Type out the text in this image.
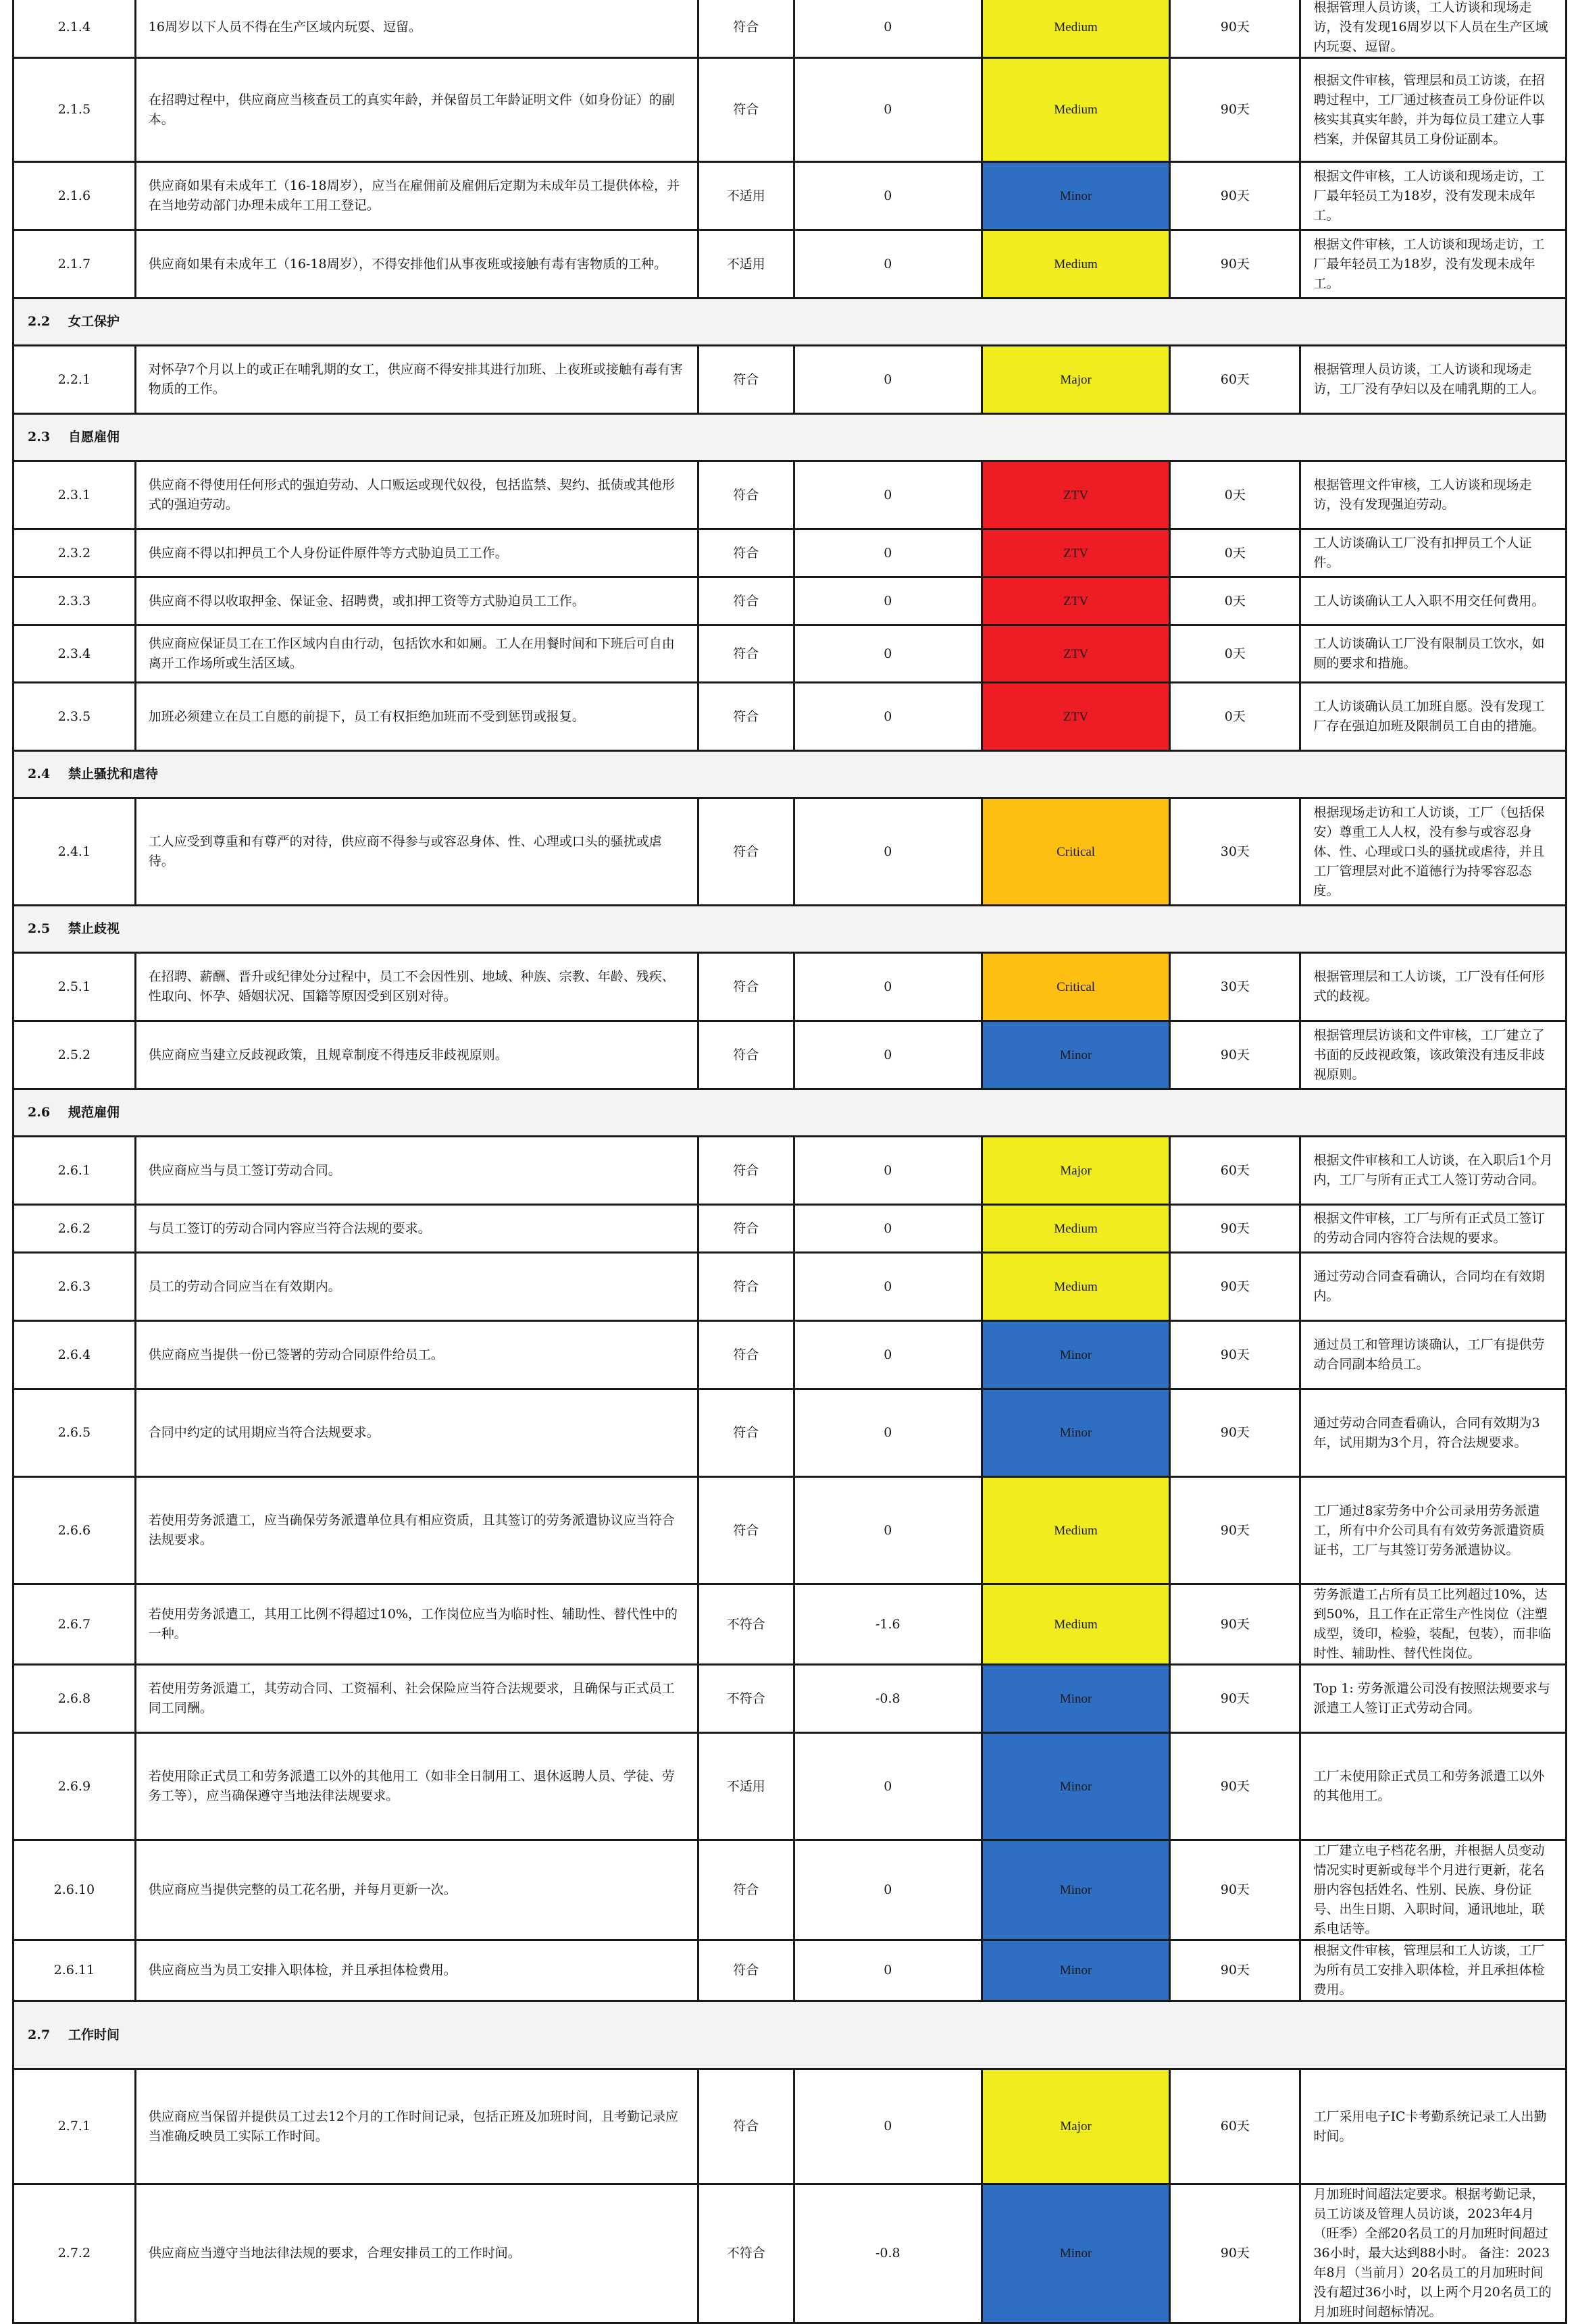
2.1.4	16周岁以下人员不得在生产区域内玩耍、逗留。	符合	0	Medium	90天	根据管理人员访谈，工人访谈和现场走访，没有发现16周岁以下人员在生产区域内玩耍、逗留。
2.1.5	在招聘过程中，供应商应当核查员工的真实年龄，并保留员工年龄证明文件（如身份证）的副本。	符合	0	Medium	90天	根据文件审核，管理层和员工访谈，在招聘过程中，工厂通过核查员工身份证件以核实其真实年龄，并为每位员工建立人事档案，并保留其员工身份证副本。
2.1.6	供应商如果有未成年工（16-18周岁），应当在雇佣前及雇佣后定期为未成年员工提供体检，并在当地劳动部门办理未成年工用工登记。	不适用	0	Minor	90天	根据文件审核，工人访谈和现场走访，工厂最年轻员工为18岁，没有发现未成年工。
2.1.7	供应商如果有未成年工（16-18周岁），不得安排他们从事夜班或接触有毒有害物质的工种。	不适用	0	Medium	90天	根据文件审核，工人访谈和现场走访，工厂最年轻员工为18岁，没有发现未成年工。
2.2 女工保护						
2.2.1	对怀孕7个月以上的或正在哺乳期的女工，供应商不得安排其进行加班、上夜班或接触有毒有害物质的工作。	符合	0	Major	60天	根据管理人员访谈，工人访谈和现场走访，工厂没有孕妇以及在哺乳期的工人。
2.3 自愿雇佣						
2.3.1	供应商不得使用任何形式的强迫劳动、人口贩运或现代奴役，包括监禁、契约、抵债或其他形式的强迫劳动。	符合	0	ZTV	0天	根据管理文件审核，工人访谈和现场走访，没有发现强迫劳动。
2.3.2	供应商不得以扣押员工个人身份证件原件等方式胁迫员工工作。	符合	0	ZTV	0天	工人访谈确认工厂没有扣押员工个人证件。
2.3.3	供应商不得以收取押金、保证金、招聘费，或扣押工资等方式胁迫员工工作。	符合	0	ZTV	0天	工人访谈确认工人入职不用交任何费用。
2.3.4	供应商应保证员工在工作区域内自由行动，包括饮水和如厕。工人在用餐时间和下班后可自由离开工作场所或生活区域。	符合	0	ZTV	0天	工人访谈确认工厂没有限制员工饮水，如厕的要求和措施。
2.3.5	加班必须建立在员工自愿的前提下，员工有权拒绝加班而不受到惩罚或报复。	符合	0	ZTV	0天	工人访谈确认员工加班自愿。没有发现工厂存在强迫加班及限制员工自由的措施。
2.4 禁止骚扰和虐待						
2.4.1	工人应受到尊重和有尊严的对待，供应商不得参与或容忍身体、性、心理或口头的骚扰或虐待。	符合	0	Critical	30天	根据现场走访和工人访谈，工厂（包括保安）尊重工人人权，没有参与或容忍身体、性、心理或口头的骚扰或虐待，并且工厂管理层对此不道德行为持零容忍态度。
2.5 禁止歧视						
2.5.1	在招聘、薪酬、晋升或纪律处分过程中，员工不会因性别、地域、种族、宗教、年龄、残疾、性取向、怀孕、婚姻状况、国籍等原因受到区别对待。	符合	0	Critical	30天	根据管理层和工人访谈，工厂没有任何形式的歧视。
2.5.2	供应商应当建立反歧视政策，且规章制度不得违反非歧视原则。	符合	0	Minor	90天	根据管理层访谈和文件审核，工厂建立了书面的反歧视政策，该政策没有违反非歧视原则。
2.6 规范雇佣						
2.6.1	供应商应当与员工签订劳动合同。	符合	0	Major	60天	根据文件审核和工人访谈，在入职后1个月内，工厂与所有正式工人签订劳动合同。
2.6.2	与员工签订的劳动合同内容应当符合法规的要求。	符合	0	Medium	90天	根据文件审核，工厂与所有正式员工签订的劳动合同内容符合法规的要求。
2.6.3	员工的劳动合同应当在有效期内。	符合	0	Medium	90天	通过劳动合同查看确认，合同均在有效期内。
2.6.4	供应商应当提供一份已签署的劳动合同原件给员工。	符合	0	Minor	90天	通过员工和管理访谈确认，工厂有提供劳动合同副本给员工。
2.6.5	合同中约定的试用期应当符合法规要求。	符合	0	Minor	90天	通过劳动合同查看确认，合同有效期为3年，试用期为3个月，符合法规要求。
2.6.6	若使用劳务派遣工，应当确保劳务派遣单位具有相应资质，且其签订的劳务派遣协议应当符合法规要求。	符合	0	Medium	90天	工厂通过8家劳务中介公司录用劳务派遣工，所有中介公司具有有效劳务派遣资质证书，工厂与其签订劳务派遣协议。
2.6.7	若使用劳务派遣工，其用工比例不得超过10%，工作岗位应当为临时性、辅助性、替代性中的一种。	不符合	-1.6	Medium	90天	劳务派遣工占所有员工比列超过10%，达到50%，且工作在正常生产性岗位（注塑成型，烫印，检验，装配，包装），而非临时性、辅助性、替代性岗位。
2.6.8	若使用劳务派遣工，其劳动合同、工资福利、社会保险应当符合法规要求，且确保与正式员工同工同酬。	不符合	-0.8	Minor	90天	Top 1: 劳务派遣公司没有按照法规要求与派遣工人签订正式劳动合同。
2.6.9	若使用除正式员工和劳务派遣工以外的其他用工（如非全日制用工、退休返聘人员、学徒、劳务工等），应当确保遵守当地法律法规要求。	不适用	0	Minor	90天	工厂未使用除正式员工和劳务派遣工以外的其他用工。
2.6.10	供应商应当提供完整的员工花名册，并每月更新一次。	符合	0	Minor	90天	工厂建立电子档花名册，并根据人员变动情况实时更新或每半个月进行更新，花名册内容包括姓名、性别、民族、身份证号、出生日期、入职时间，通讯地址，联系电话等。
2.6.11	供应商应当为员工安排入职体检，并且承担体检费用。	符合	0	Minor	90天	根据文件审核，管理层和工人访谈，工厂为所有员工安排入职体检，并且承担体检费用。
2.7 工作时间						
2.7.1	供应商应当保留并提供员工过去12个月的工作时间记录，包括正班及加班时间，且考勤记录应当准确反映员工实际工作时间。	符合	0	Major	60天	工厂采用电子IC卡考勤系统记录工人出勤时间。
2.7.2	供应商应当遵守当地法律法规的要求，合理安排员工的工作时间。	不符合	-0.8	Minor	90天	月加班时间超法定要求。根据考勤记录，员工访谈及管理人员访谈，2023年4月（旺季）全部20名员工的月加班时间超过36小时，最大达到88小时。 备注：2023年8月（当前月）20名员工的月加班时间没有超过36小时，以上两个月20名员工的月加班时间超标情况。
